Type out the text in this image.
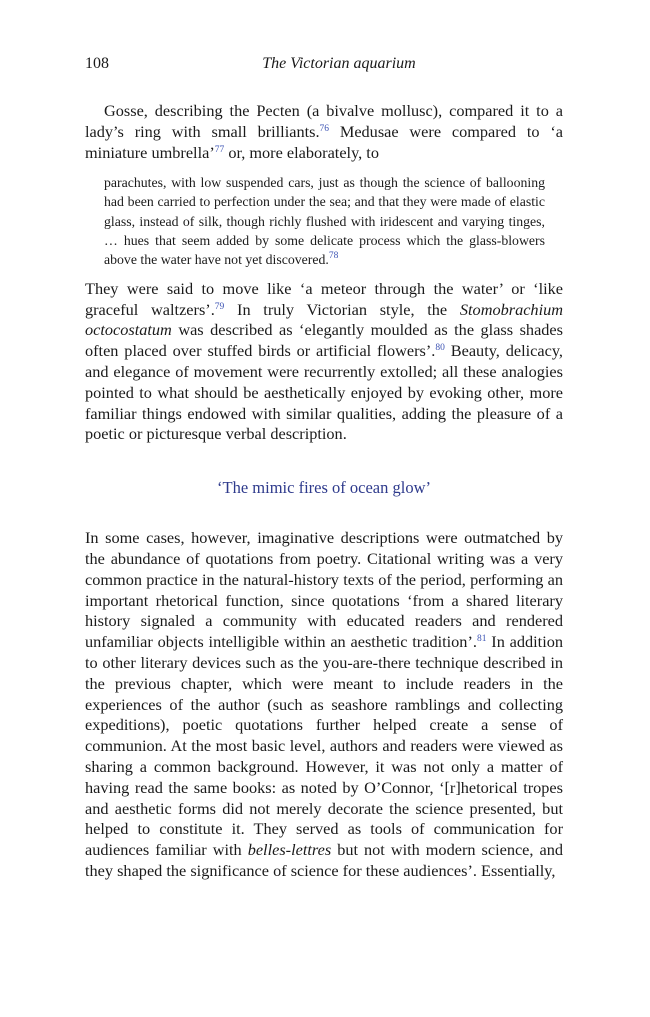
108	The Victorian aquarium

Gosse, describing the Pecten (a bivalve mollusc), compared it to a lady’s ring with small brilliants.$^{76}$ Medusae were compared to ‘a miniature umbrella’$^{77}$ or, more elaborately, to

parachutes, with low suspended cars, just as though the science of ballooning had been carried to perfection under the sea; and that they were made of elastic glass, instead of silk, though richly flushed with iridescent and varying tinges, … hues that seem added by some delicate process which the glass-blowers above the water have not yet discovered.$^{78}$

They were said to move like ‘a meteor through the water’ or ‘like graceful waltzers’.$^{79}$ In truly Victorian style, the Stomobrachium octocostatum was described as ‘elegantly moulded as the glass shades often placed over stuffed birds or artificial flowers’.$^{80}$ Beauty, delicacy, and elegance of movement were recurrently extolled; all these analogies pointed to what should be aesthetically enjoyed by evoking other, more familiar things endowed with similar qualities, adding the pleasure of a poetic or picturesque verbal description.

‘The mimic fires of ocean glow’

In some cases, however, imaginative descriptions were outmatched by the abundance of quotations from poetry. Citational writing was a very common practice in the natural-history texts of the period, performing an important rhetorical function, since quotations ‘from a shared literary history signaled a community with educated readers and rendered unfamiliar objects intelligible within an aesthetic tradition’.$^{81}$ In addition to other literary devices such as the you-are-there technique described in the previous chapter, which were meant to include readers in the experiences of the author (such as seashore ramblings and collecting expeditions), poetic quotations further helped create a sense of communion. At the most basic level, authors and readers were viewed as sharing a common background. However, it was not only a matter of having read the same books: as noted by O’Connor, ‘[r]hetorical tropes and aesthetic forms did not merely decorate the science presented, but helped to constitute it. They served as tools of communication for audiences familiar with belles-lettres but not with modern science, and they shaped the significance of science for these audiences’. Essentially,
